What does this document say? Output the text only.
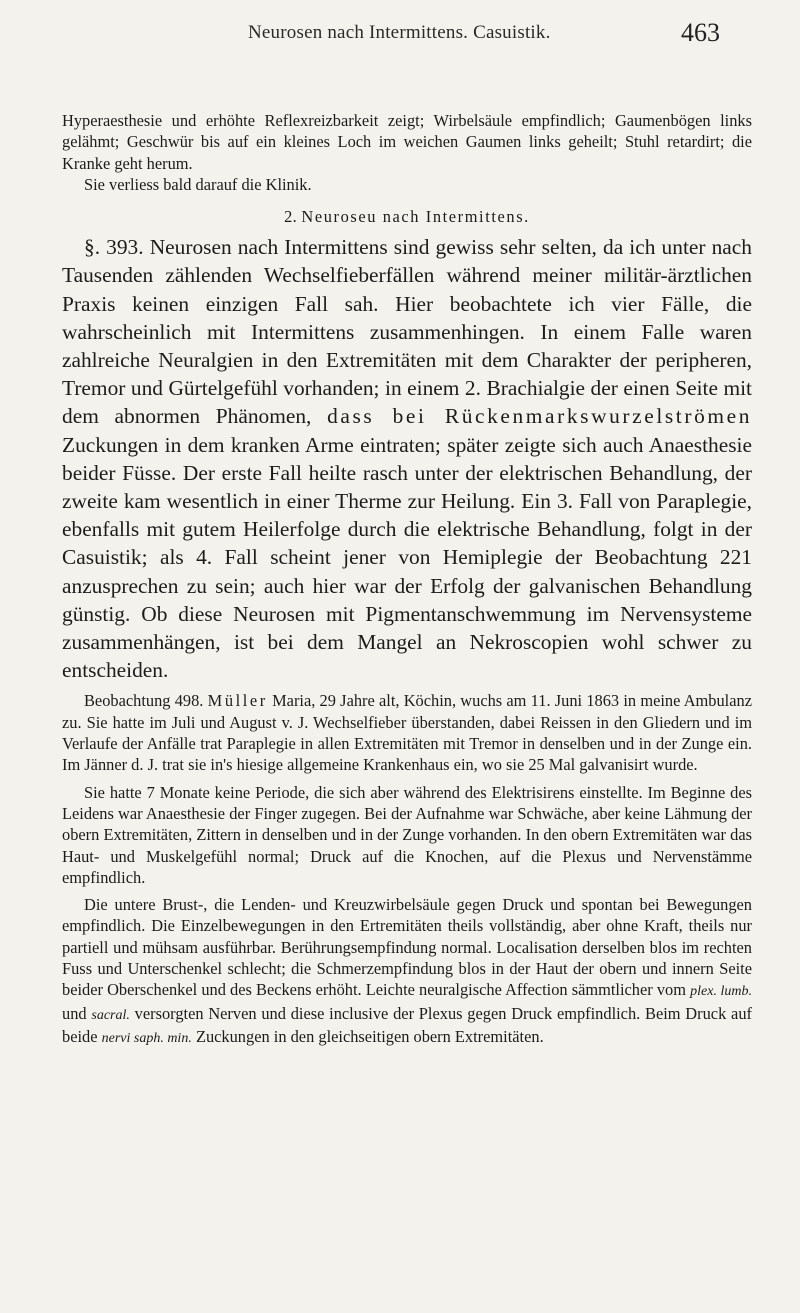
Neurosen nach Intermittens. Casuistik.	463

Hyperaesthesie und erhöhte Reflexreizbarkeit zeigt; Wirbelsäule empfindlich; Gaumenbögen links gelähmt; Geschwür bis auf ein kleines Loch im weichen Gaumen links geheilt; Stuhl retardirt; die Kranke geht herum.

Sie verliess bald darauf die Klinik.

2. Neuroseu nach Intermittens.

§. 393. Neurosen nach Intermittens sind gewiss sehr selten, da ich unter nach Tausenden zählenden Wechselfieberfällen während meiner militär-ärztlichen Praxis keinen einzigen Fall sah. Hier beobachtete ich vier Fälle, die wahrscheinlich mit Intermittens zusammenhingen. In einem Falle waren zahlreiche Neuralgien in den Extremitäten mit dem Charakter der peripheren, Tremor und Gürtelgefühl vorhanden; in einem 2. Brachialgie der einen Seite mit dem abnormen Phänomen, dass bei Rückenmarkswurzelströmen Zuckungen in dem kranken Arme eintraten; später zeigte sich auch Anaesthesie beider Füsse. Der erste Fall heilte rasch unter der elektrischen Behandlung, der zweite kam wesentlich in einer Therme zur Heilung. Ein 3. Fall von Paraplegie, ebenfalls mit gutem Heilerfolge durch die elektrische Behandlung, folgt in der Casuistik; als 4. Fall scheint jener von Hemiplegie der Beobachtung 221 anzusprechen zu sein; auch hier war der Erfolg der galvanischen Behandlung günstig. Ob diese Neurosen mit Pigmentanschwemmung im Nervensysteme zusammenhängen, ist bei dem Mangel an Nekroscopien wohl schwer zu entscheiden.

Beobachtung 498. Müller Maria, 29 Jahre alt, Köchin, wuchs am 11. Juni 1863 in meine Ambulanz zu. Sie hatte im Juli und August v. J. Wechselfieber überstanden, dabei Reissen in den Gliedern und im Verlaufe der Anfälle trat Paraplegie in allen Extremitäten mit Tremor in denselben und in der Zunge ein. Im Jänner d. J. trat sie in's hiesige allgemeine Krankenhaus ein, wo sie 25 Mal galvanisirt wurde.

Sie hatte 7 Monate keine Periode, die sich aber während des Elektrisirens einstellte. Im Beginne des Leidens war Anaesthesie der Finger zugegen. Bei der Aufnahme war Schwäche, aber keine Lähmung der obern Extremitäten, Zittern in denselben und in der Zunge vorhanden. In den obern Extremitäten war das Haut- und Muskelgefühl normal; Druck auf die Knochen, auf die Plexus und Nervenstämme empfindlich.

Die untere Brust-, die Lenden- und Kreuzwirbelsäule gegen Druck und spontan bei Bewegungen empfindlich. Die Einzelbewegungen in den Ertremitäten theils vollständig, aber ohne Kraft, theils nur partiell und mühsam ausführbar. Berührungsempfindung normal. Localisation derselben blos im rechten Fuss und Unterschenkel schlecht; die Schmerzempfindung blos in der Haut der obern und innern Seite beider Oberschenkel und des Beckens erhöht. Leichte neuralgische Affection sämmtlicher vom plex. lumb. und sacral. versorgten Nerven und diese inclusive der Plexus gegen Druck empfindlich. Beim Druck auf beide nervi saph. min. Zuckungen in den gleichseitigen obern Extremitäten.
